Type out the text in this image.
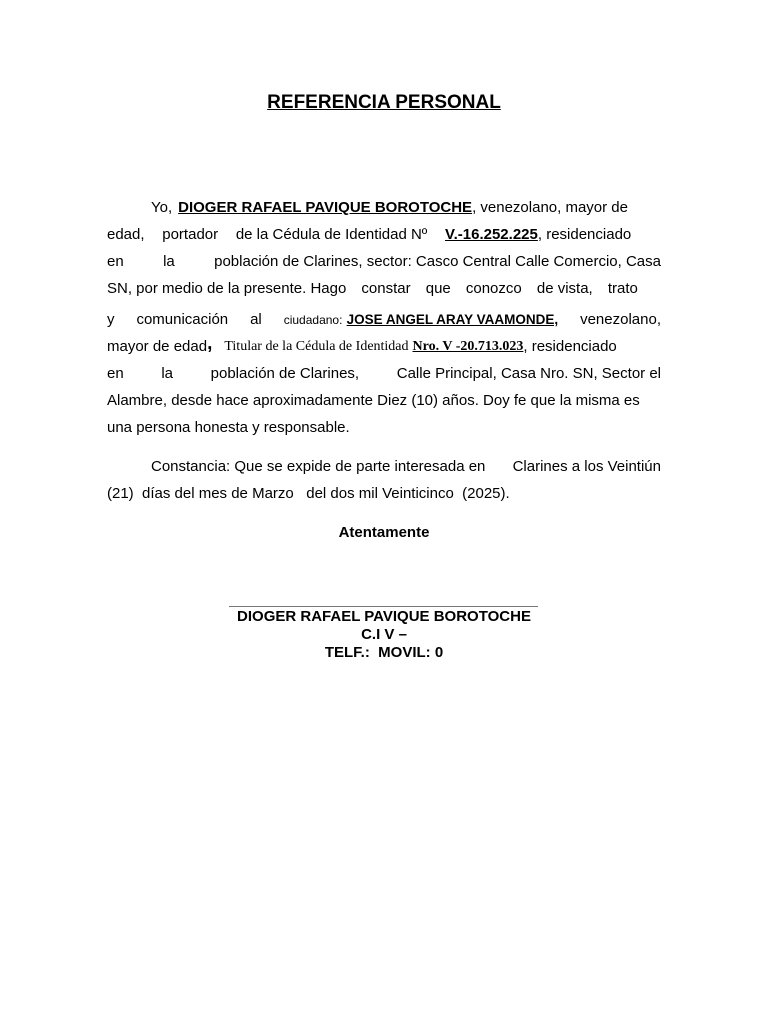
REFERENCIA PERSONAL
Yo, DIOGER RAFAEL PAVIQUE BOROTOCHE, venezolano, mayor de
edad, portador de la Cédula de Identidad Nº V.-16.252.225, residenciado
en	la	población de Clarines, sector: Casco Central Calle Comercio, Casa
SN, por medio de la presente. Hago constar que conozco de vista, trato
y comunicación al ciudadano: JOSE ANGEL ARAY VAAMONDE, venezolano,
mayor de edad , Titular de la Cédula de Identidad Nro. V -20.713.023 , residenciado
en	la	población de Clarines,	Calle Principal, Casa Nro. SN, Sector el
Alambre, desde hace aproximadamente Diez (10) años. Doy fe que la misma es
una persona honesta y responsable.
Constancia: Que se expide de parte interesada en Clarines a los Veintiún
(21)  días del mes de Marzo   del dos mil Veinticinco  (2025).
Atentamente
DIOGER RAFAEL PAVIQUE BOROTOCHE
C.I V –
TELF.:  MOVIL: 0
